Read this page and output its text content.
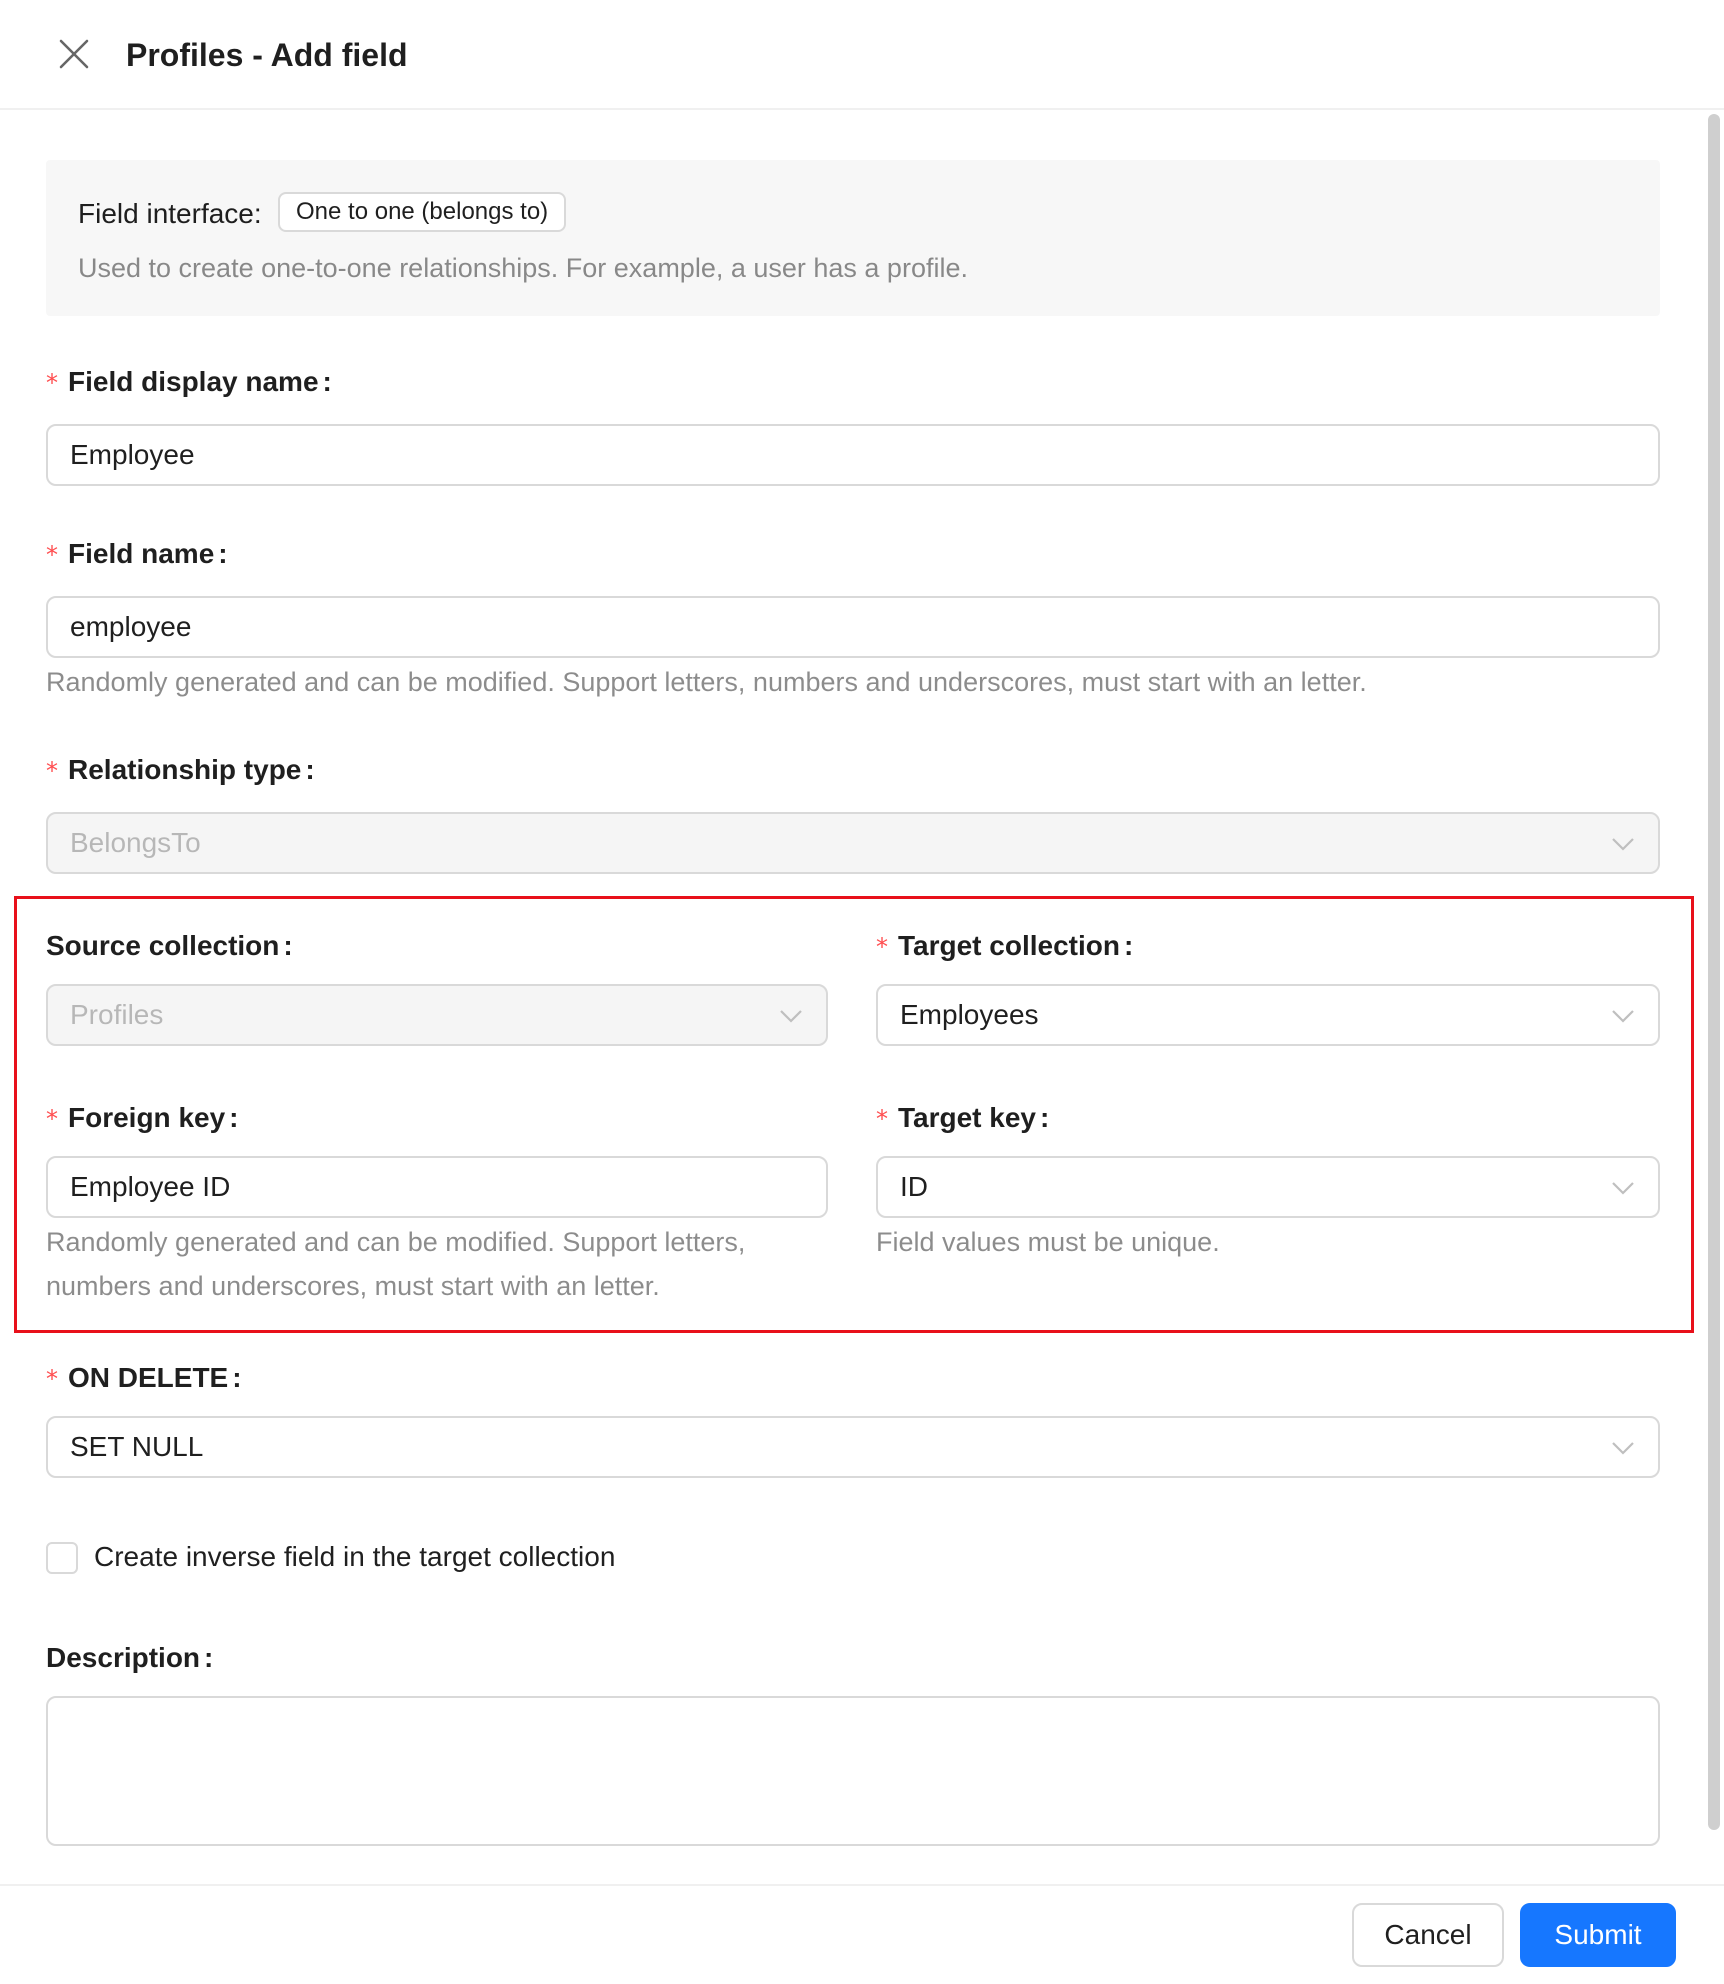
Profiles - Add field
Field interface:	One to one (belongs to)
Used to create one-to-one relationships. For example, a user has a profile.
* Field display name :
Employee
* Field name :
employee
Randomly generated and can be modified. Support letters, numbers and underscores, must start with an letter.
* Relationship type :
BelongsTo
Source collection :
Profiles
* Target collection :
Employees
* Foreign key :
Employee ID
Randomly generated and can be modified. Support letters,
numbers and underscores, must start with an letter.
* Target key :
ID
Field values must be unique.
* ON DELETE :
SET NULL
Create inverse field in the target collection
Description :
Cancel	Submit
